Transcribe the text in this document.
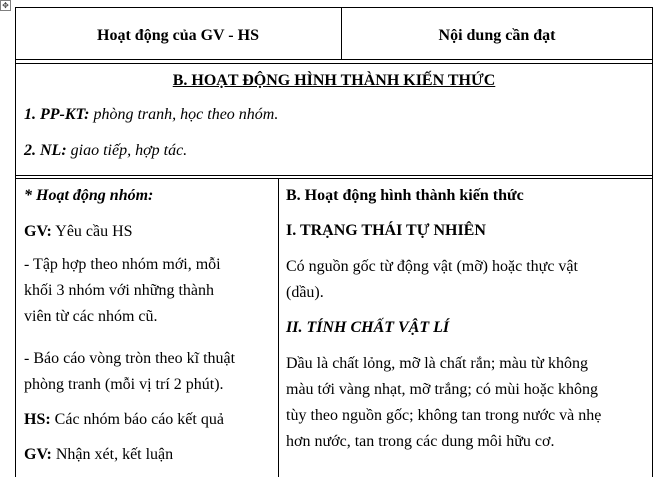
✥
Hoạt động của GV - HS	Nội dung cần đạt
B. HOẠT ĐỘNG HÌNH THÀNH KIẾN THỨC
1. PP-KT: phòng tranh, học theo nhóm.
2. NL: giao tiếp, hợp tác.
* Hoạt động nhóm:
GV: Yêu cầu HS
- Tập hợp theo nhóm mới, mỗi
khối 3 nhóm với những thành
viên từ các nhóm cũ.
- Báo cáo vòng tròn theo kĩ thuật
phòng tranh (mỗi vị trí 2 phút).
HS: Các nhóm báo cáo kết quả
GV: Nhận xét, kết luận
B. Hoạt động hình thành kiến thức
I. TRẠNG THÁI TỰ NHIÊN
Có nguồn gốc từ động vật (mỡ) hoặc thực vật
(dầu).
II. TÍNH CHẤT VẬT LÍ
Dầu là chất lỏng, mỡ là chất rắn; màu từ không
màu tới vàng nhạt, mỡ trắng; có mùi hoặc không
tùy theo nguồn gốc; không tan trong nước và nhẹ
hơn nước, tan trong các dung môi hữu cơ.
